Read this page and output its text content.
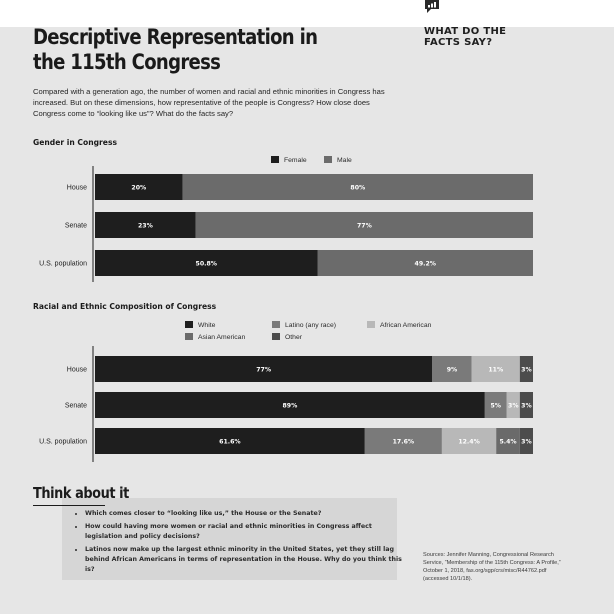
WHAT DO THE FACTS SAY?
Descriptive Representation in the 115th Congress

Compared with a generation ago, the number of women and racial and ethnic minorities in Congress has increased. But on these dimensions, how representative of the people is Congress? How close does Congress come to “looking like us”? What do the facts say?

Gender in Congress
Female	Male
House	20%	80%
Senate	23%	77%
U.S. population	50.8%	49.2%
Racial and Ethnic Composition of Congress
White	Latino (any race)	African American
Asian American	Other
House	77%	9%	11%	3%
Senate	89%	5% 3% 3%
U.S. population	61.6%	17.6%	12.4%	5.4% 3%
Think about it
• Which comes closer to “looking like us,” the House or the Senate?
• How could having more women or racial and ethnic minorities in Congress affect legislation and policy decisions?
• Latinos now make up the largest ethnic minority in the United States, yet they still lag behind African Americans in terms of representation in the House. Why do you think this is?
Sources: Jennifer Manning, Congressional Research Service, “Membership of the 115th Congress: A Profile,” October 1, 2018, fas.org/sgp/crs/misc/R44762.pdf (accessed 10/1/18).
